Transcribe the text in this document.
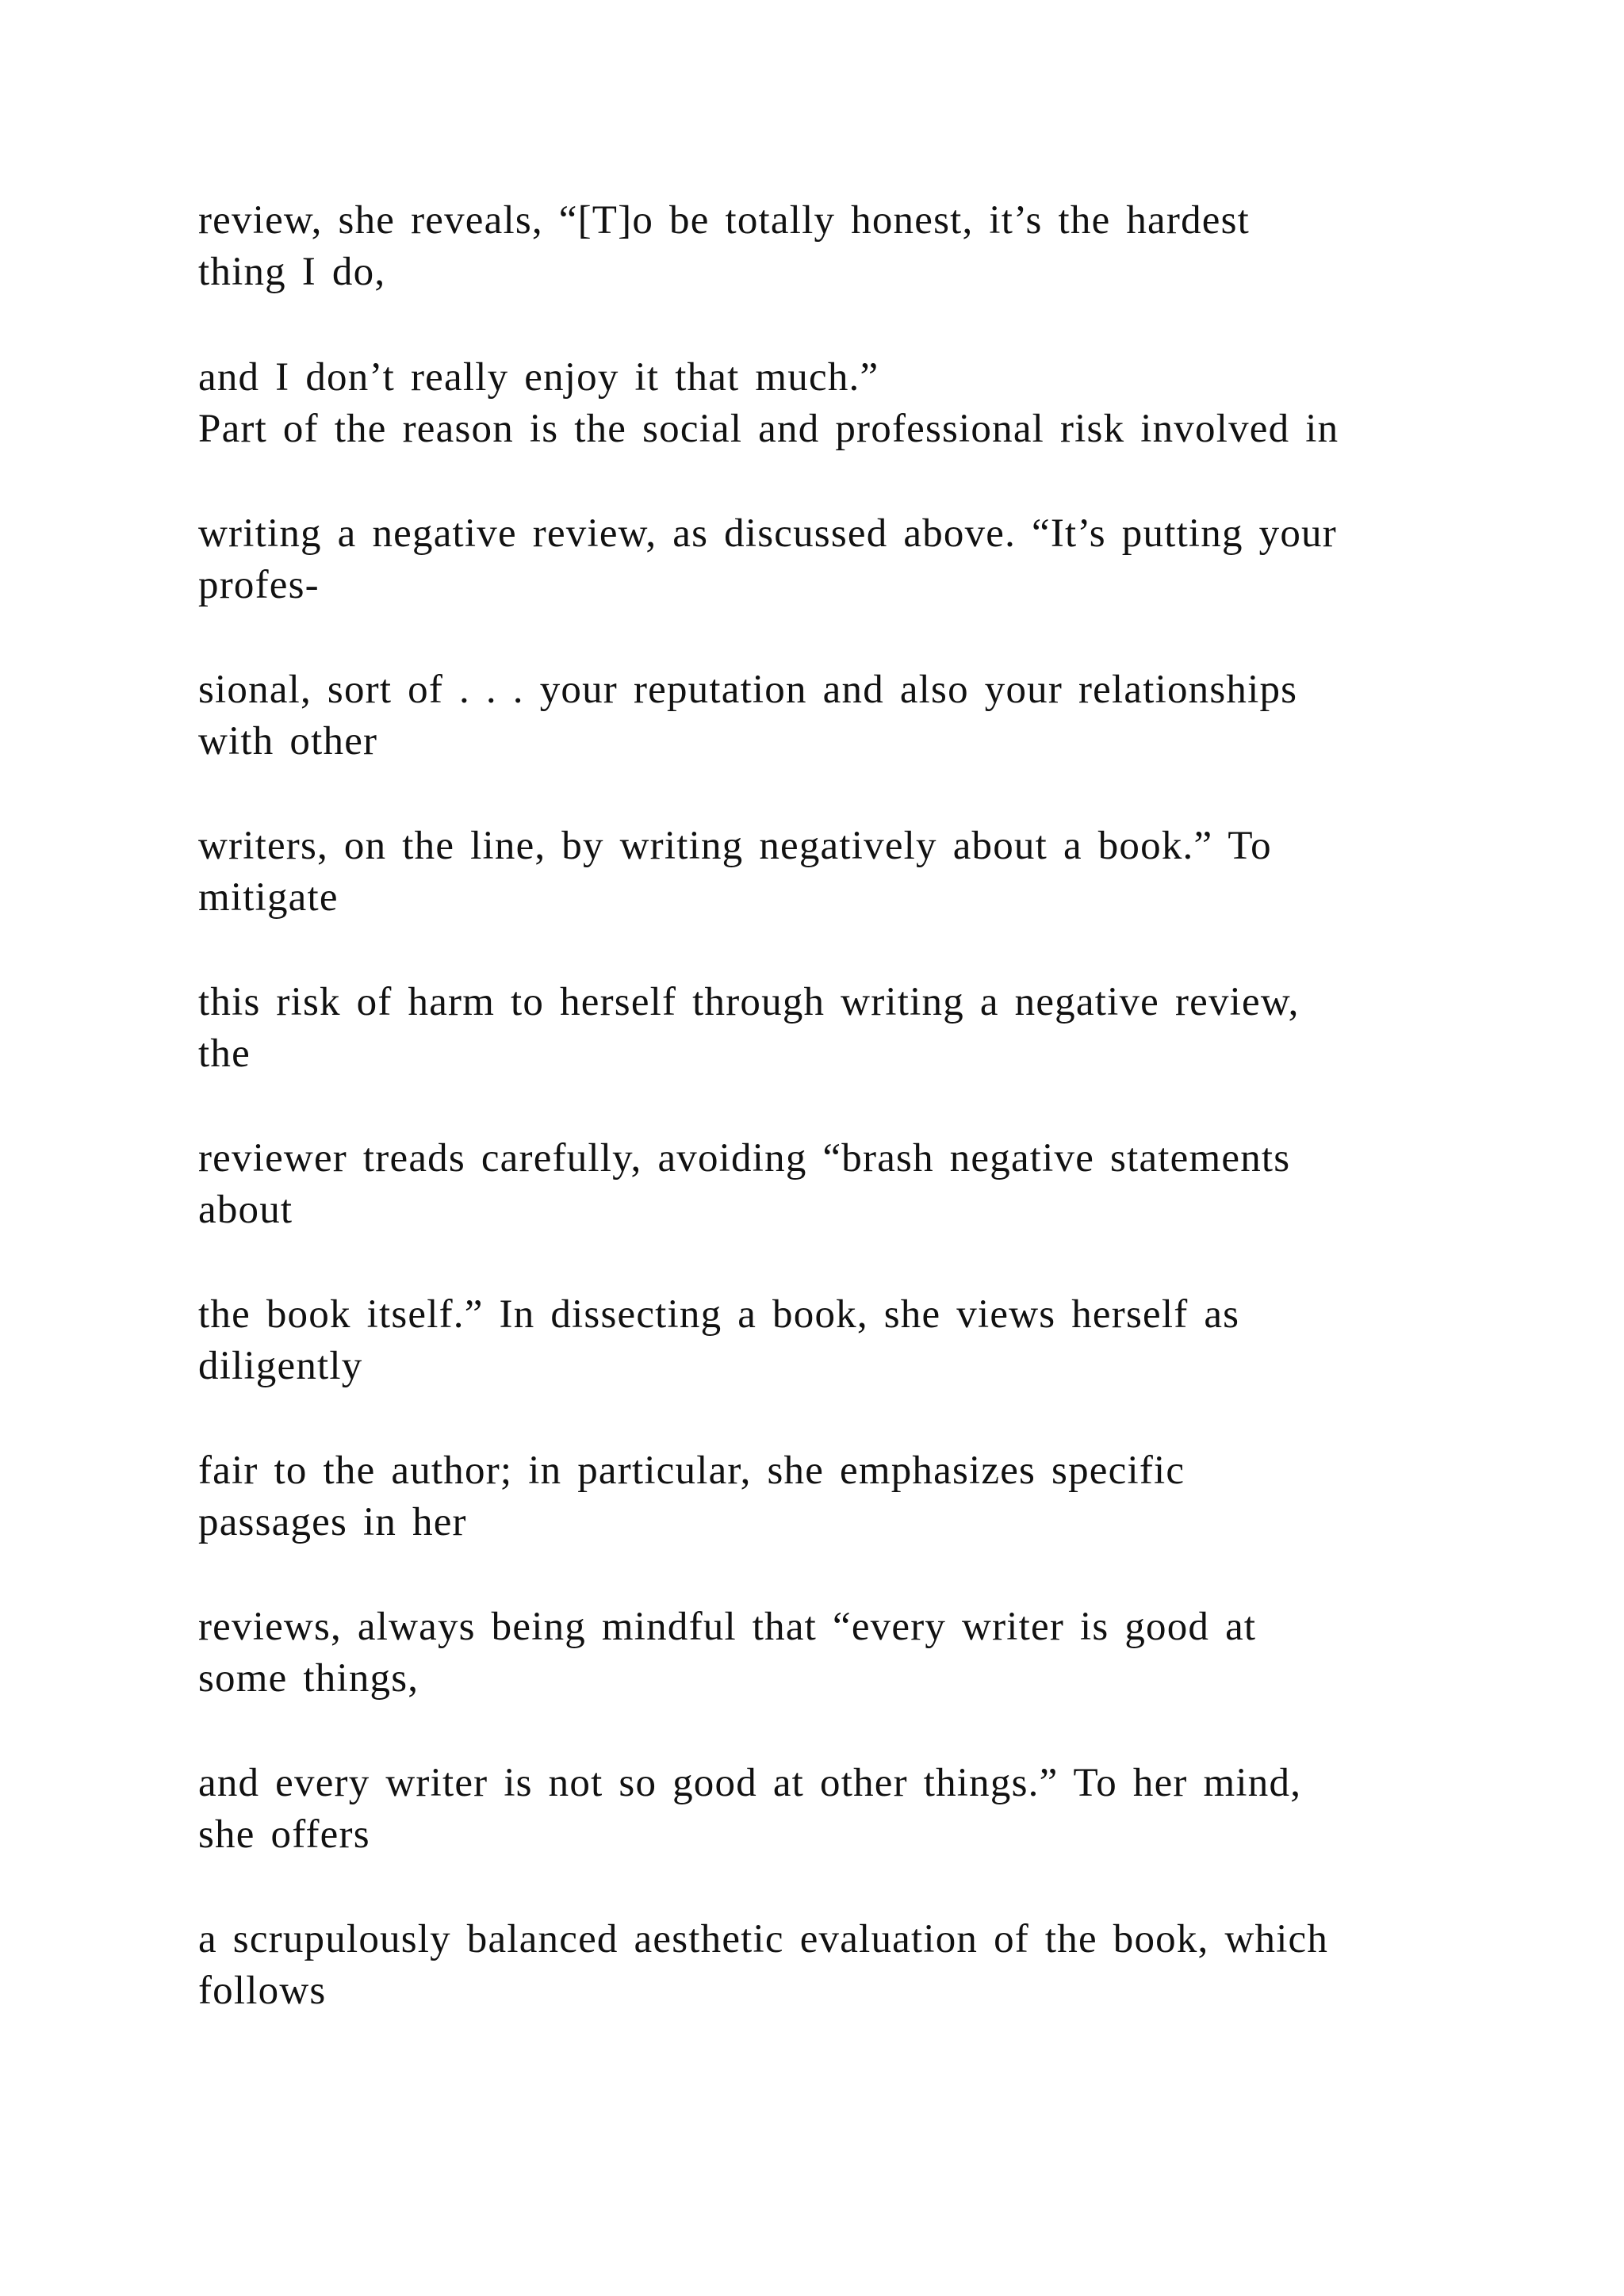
review, she reveals, “[T]o be totally honest, it’s the hardest

thing I do,

and I don’t really enjoy it that much.”

Part of the reason is the social and professional risk involved in

writing a negative review, as discussed above. “It’s putting your

profes-

sional, sort of . . . your reputation and also your relationships

with other

writers, on the line, by writing negatively about a book.” To

mitigate

this risk of harm to herself through writing a negative review,

the

reviewer treads carefully, avoiding “brash negative statements

about

the book itself.” In dissecting a book, she views herself as

diligently

fair to the author; in particular, she emphasizes specific

passages in her

reviews, always being mindful that “every writer is good at

some things,

and every writer is not so good at other things.” To her mind,

she offers

a scrupulously balanced aesthetic evaluation of the book, which

follows
